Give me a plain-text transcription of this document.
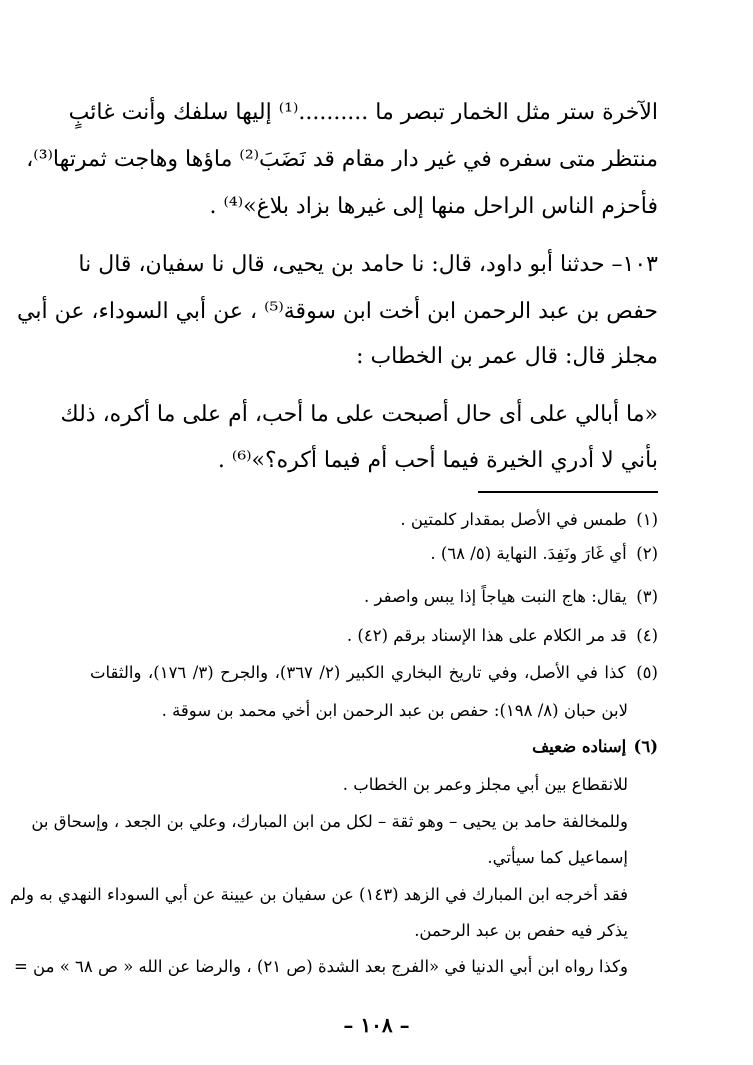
الآخرة ستر مثل الخمار تبصر ما ..........⁽¹⁾ إليها سلفك وأنت غائبٍ
منتظر متى سفره في غير دار مقام قد نَضَبَ⁽²⁾ ماؤها وهاجت ثمرتها⁽³⁾،
فأحزم الناس الراحل منها إلى غيرها بزاد بلاغ»⁽⁴⁾ .
١٠٣– حدثنا أبو داود، قال: نا حامد بن يحيى، قال نا سفيان، قال نا
حفص بن عبد الرحمن ابن أخت ابن سوقة⁽⁵⁾ ، عن أبي السوداء، عن أبي
مجلز قال: قال عمر بن الخطاب :
«ما أبالي على أى حال أصبحت على ما أحب، أم على ما أكره، ذلك
بأني لا أدري الخيرة فيما أحب أم فيما أكره؟»⁽⁶⁾ .
(١) طمس في الأصل بمقدار كلمتين .
(٢) أي غَارَ ونَفِدَ. النهاية (٥/ ٦٨) .
(٣) يقال: هاج النبت هياجاً إذا يبس واصفر .
(٤) قد مر الكلام على هذا الإسناد برقم (٤٢) .
(٥) كذا في الأصل، وفي تاريخ البخاري الكبير (٢/ ٣٦٧)، والجرح (٣/ ١٧٦)، والثقات
لابن حبان (٨/ ١٩٨): حفص بن عبد الرحمن ابن أخي محمد بن سوقة .
(٦) إسناده ضعيف
للانقطاع بين أبي مجلز وعمر بن الخطاب .
وللمخالفة حامد بن يحيى – وهو ثقة – لكل من ابن المبارك، وعلي بن الجعد ، وإسحاق بن
إسماعيل كما سيأتي.
فقد أخرجه ابن المبارك في الزهد (١٤٣) عن سفيان بن عيينة عن أبي السوداء النهدي به ولم
يذكر فيه حفص بن عبد الرحمن.
وكذا رواه ابن أبي الدنيا في «الفرج بعد الشدة (ص ٢١) ، والرضا عن الله « ص ٦٨ » من =
– ١٠٨ –
